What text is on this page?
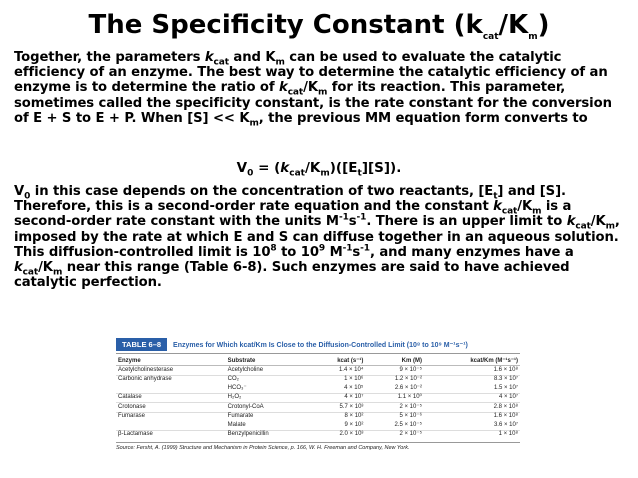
The Specificity Constant $(k_{cat}/K_m)$
Together, the parameters $k_{cat}$ and $K_m$ can be used to evaluate the catalytic efficiency of an enzyme. The best way to determine the catalytic efficiency of an enzyme is to determine the ratio of $k_{cat}/K_m$ for its reaction. This parameter, sometimes called the specificity constant, is the rate constant for the conversion of E + S to E + P. When $[S] << K_m$, the previous MM equation form converts to
$V_0 = (k_{cat}/K_m)([E_t][S])$.
$V_0$ in this case depends on the concentration of two reactants, $[E_t]$ and [S]. Therefore, this is a second-order rate equation and the constant $k_{cat}/K_m$ is a second-order rate constant with the units $M^{-1}s^{-1}$. There is an upper limit to $k_{cat}/K_m$, imposed by the rate at which E and S can diffuse together in an aqueous solution. This diffusion-controlled limit is $10^8$ to $10^9$ $M^{-1}s^{-1}$, and many enzymes have a $k_{cat}/K_m$ near this range (Table 6-8). Such enzymes are said to have achieved catalytic perfection.
TABLE 6–8	Enzymes for Which kcat/Km Is Close to the Diffusion-Controlled Limit (10⁸ to 10⁹ M⁻¹s⁻¹)
Enzyme	Substrate	kcat (s⁻¹)	Km (M)	kcat/Km (M⁻¹s⁻¹)
Acetylcholinesterase	Acetylcholine	1.4 × 10⁴	9 × 10⁻⁵	1.6 × 10⁸
Carbonic anhydrase	CO₂	1 × 10⁶	1.2 × 10⁻²	8.3 × 10⁷
	HCO₃⁻	4 × 10⁵	2.6 × 10⁻²	1.5 × 10⁷
Catalase	H₂O₂	4 × 10⁷	1.1 × 10⁰	4 × 10⁷
Crotonase	Crotonyl-CoA	5.7 × 10³	2 × 10⁻⁵	2.8 × 10⁸
Fumarase	Fumarate	8 × 10²	5 × 10⁻⁶	1.6 × 10⁸
	Malate	9 × 10²	2.5 × 10⁻⁵	3.6 × 10⁷
β-Lactamase	Benzylpenicillin	2.0 × 10³	2 × 10⁻⁵	1 × 10⁸
Source: Fersht, A. (1999) Structure and Mechanism in Protein Science, p. 166, W. H. Freeman and Company, New York.
